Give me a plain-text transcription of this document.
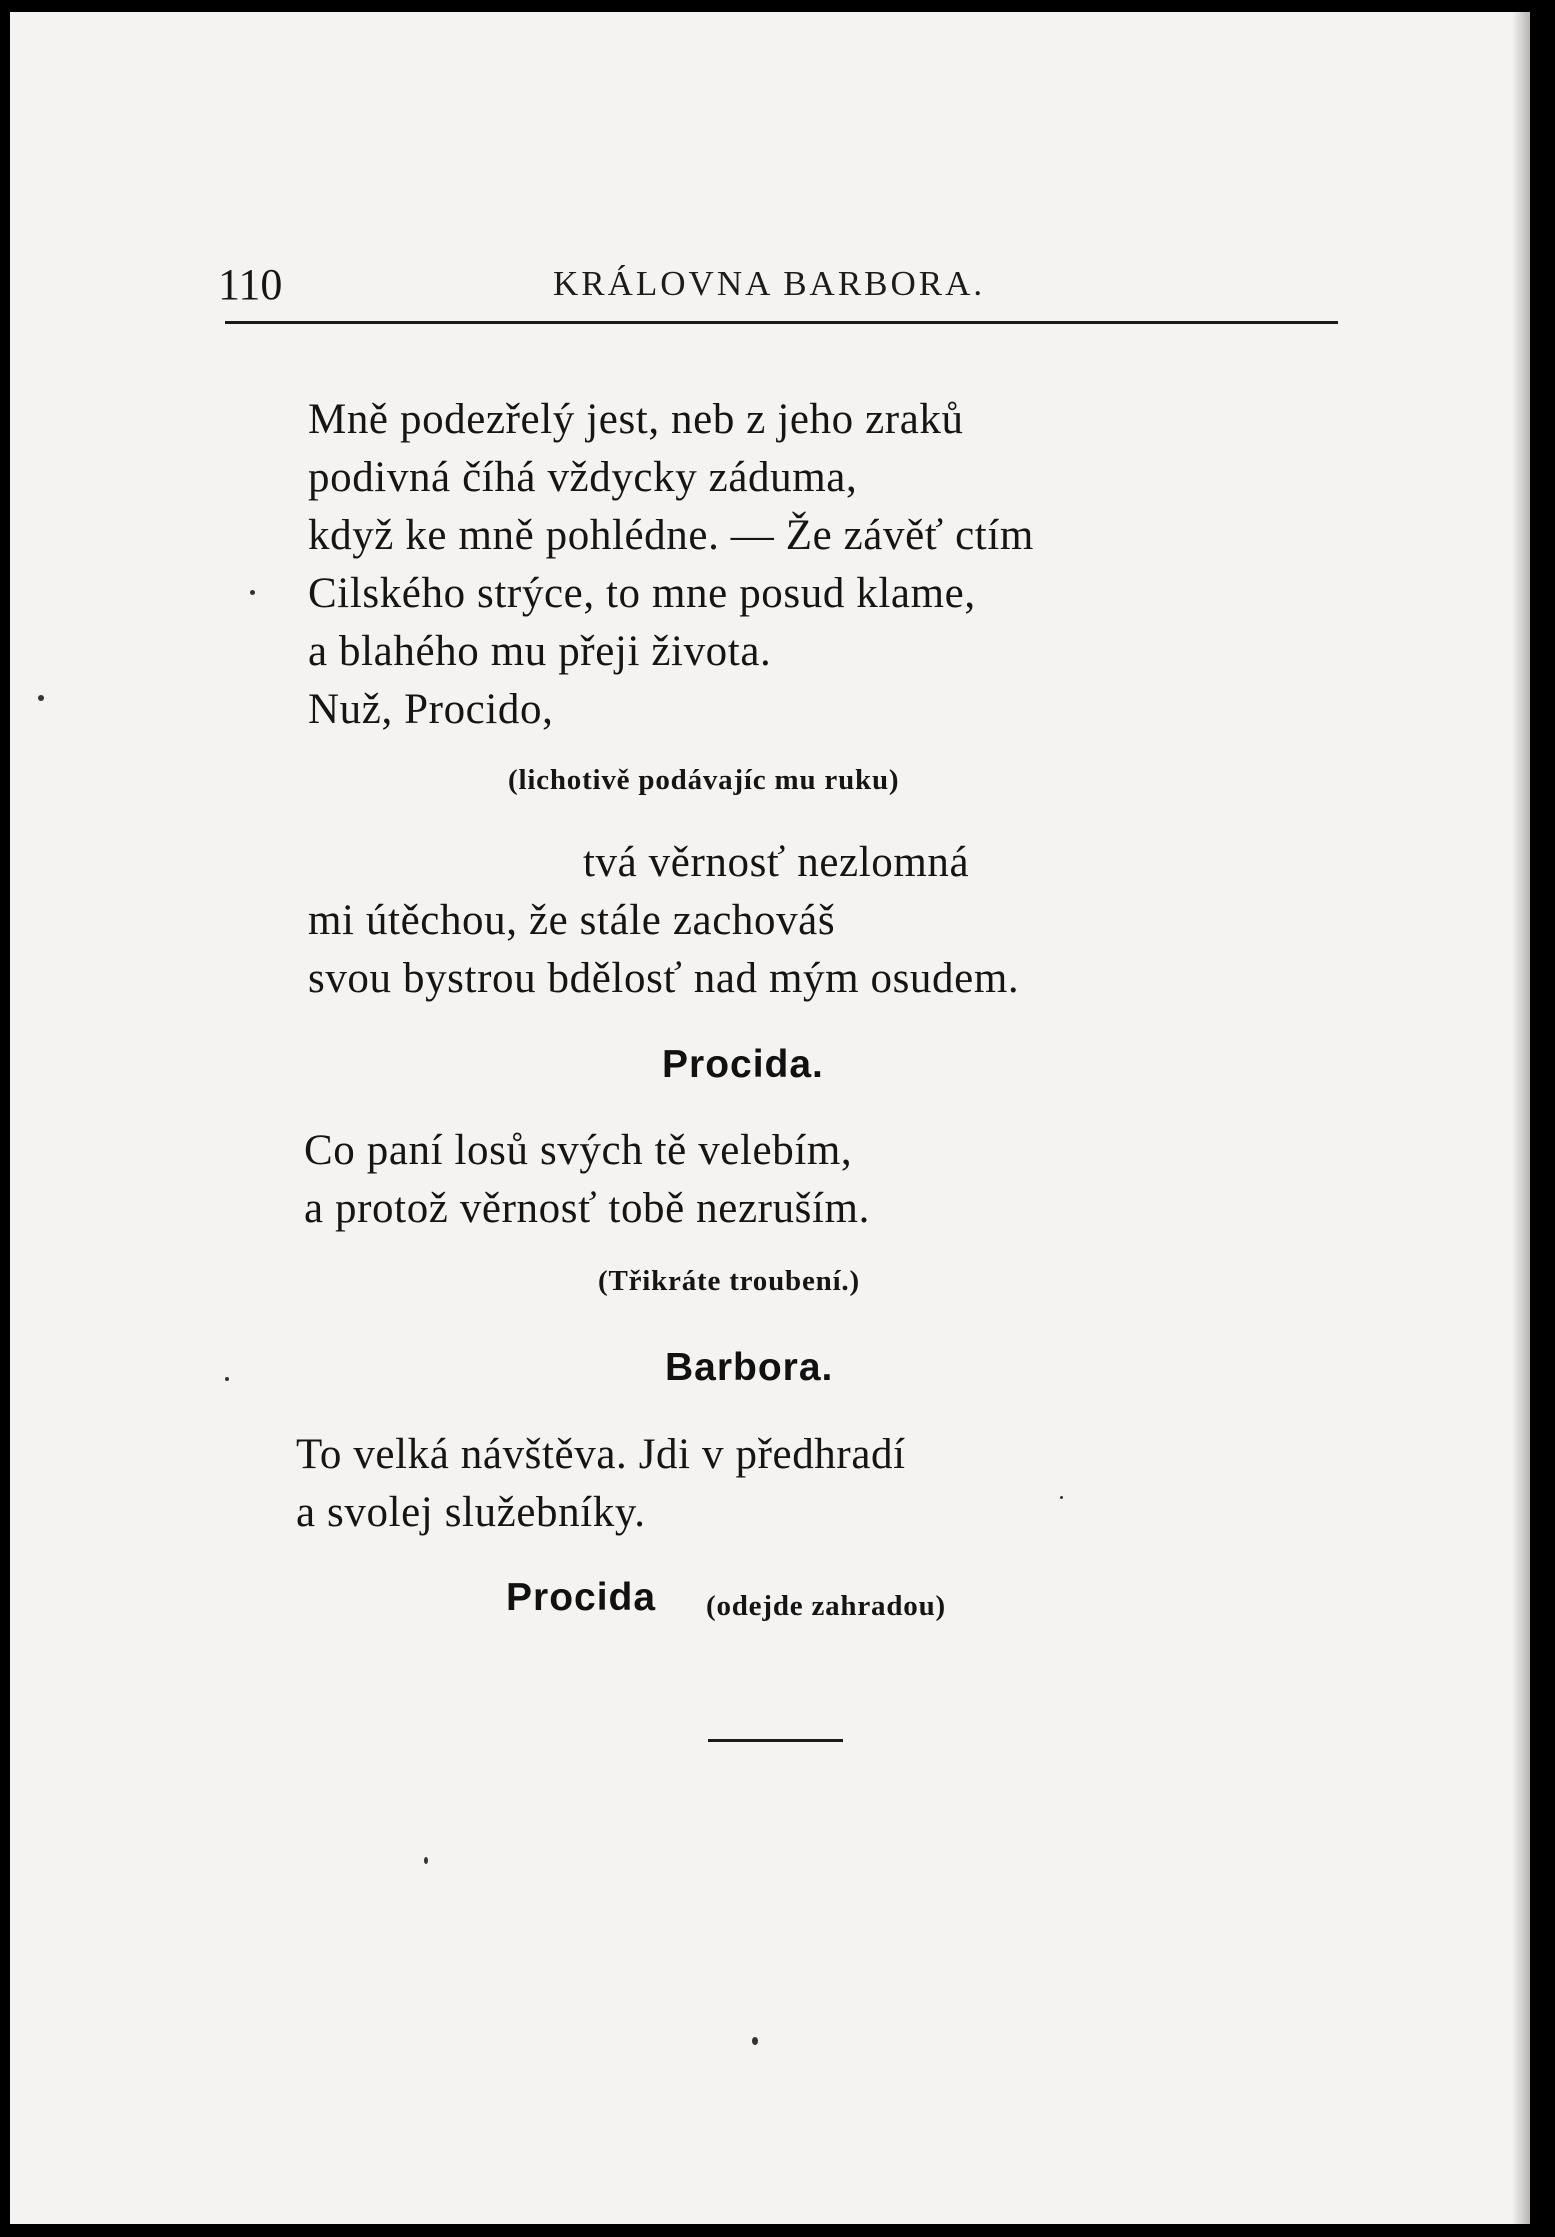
110	KRÁLOVNA BARBORA.
Mně podezřelý jest, neb z jeho zraků
podivná číhá vždycky záduma,
když ke mně pohlédne. — Že závěť ctím
Cilského strýce, to mne posud klame,
a blahého mu přeji života.
Nuž, Procido,
(lichotivě podávajíc mu ruku)
tvá věrnosť nezlomná
mi útěchou, že stále zachováš
svou bystrou bdělosť nad mým osudem.
Procida.
Co paní losů svých tě velebím,
a protož věrnosť tobě nezruším.
(Třikráte troubení.)
Barbora.
To velká návštěva. Jdi v předhradí
a svolej služebníky.
Procida (odejde zahradou)
